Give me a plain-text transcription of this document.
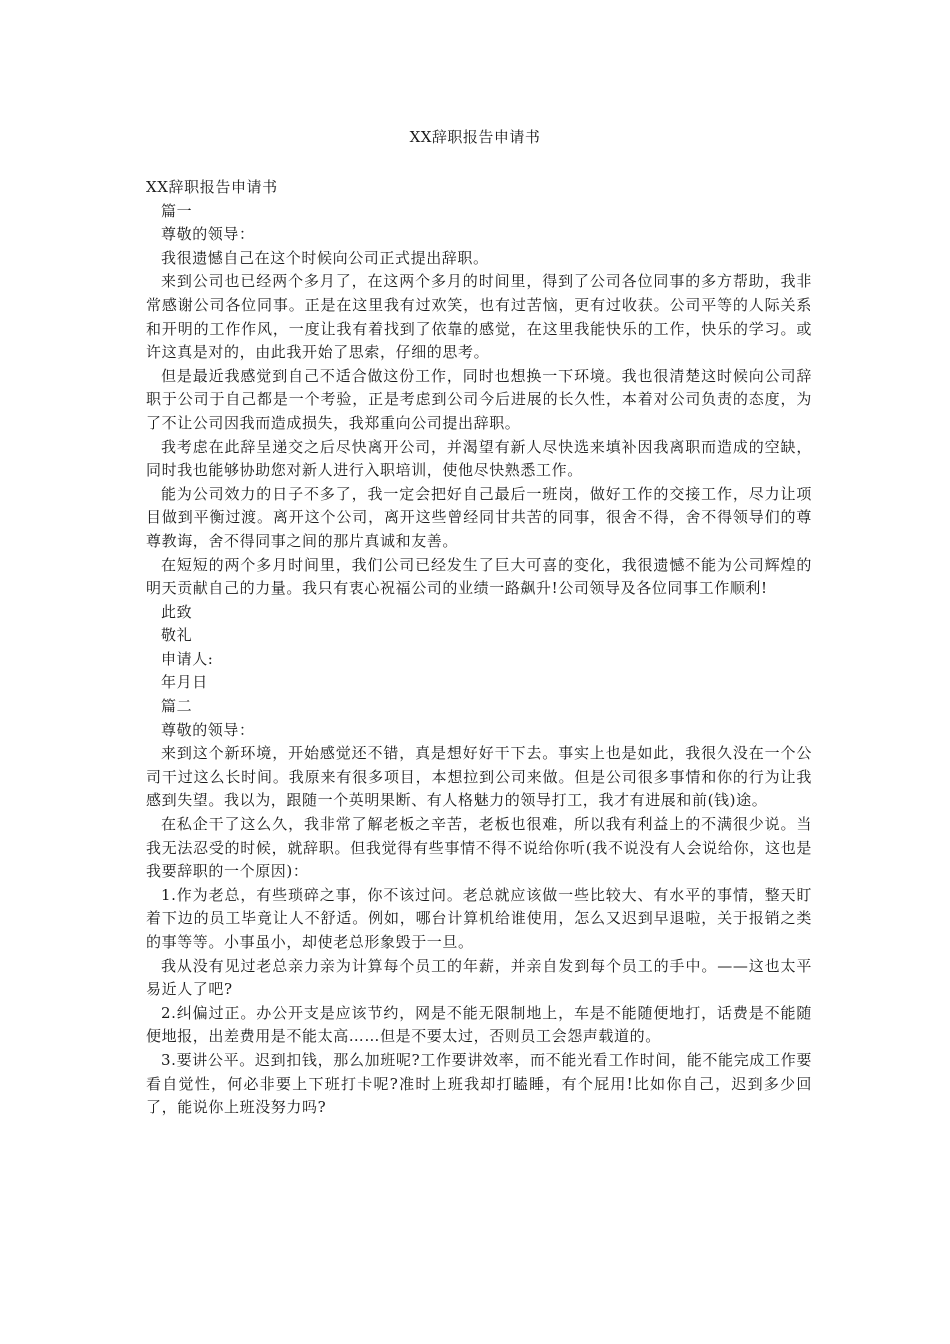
XX辞职报告申请书

XX辞职报告申请书

篇一

尊敬的领导：

我很遗憾自己在这个时候向公司正式提出辞职。

来到公司也已经两个多月了，在这两个多月的时间里，得到了公司各位同事的多方帮助，我非常感谢公司各位同事。正是在这里我有过欢笑，也有过苦恼，更有过收获。公司平等的人际关系和开明的工作作风，一度让我有着找到了依靠的感觉，在这里我能快乐的工作，快乐的学习。或许这真是对的，由此我开始了思索，仔细的思考。

但是最近我感觉到自己不适合做这份工作，同时也想换一下环境。我也很清楚这时候向公司辞职于公司于自己都是一个考验，正是考虑到公司今后进展的长久性，本着对公司负责的态度，为了不让公司因我而造成损失，我郑重向公司提出辞职。

我考虑在此辞呈递交之后尽快离开公司，并渴望有新人尽快选来填补因我离职而造成的空缺，同时我也能够协助您对新人进行入职培训，使他尽快熟悉工作。

能为公司效力的日子不多了，我一定会把好自己最后一班岗，做好工作的交接工作，尽力让项目做到平衡过渡。离开这个公司，离开这些曾经同甘共苦的同事，很舍不得，舍不得领导们的尊尊教诲，舍不得同事之间的那片真诚和友善。

在短短的两个多月时间里，我们公司已经发生了巨大可喜的变化，我很遗憾不能为公司辉煌的明天贡献自己的力量。我只有衷心祝福公司的业绩一路飙升!公司领导及各位同事工作顺利!

此致

敬礼

申请人:

年月日

篇二

尊敬的领导：

来到这个新环境，开始感觉还不错，真是想好好干下去。事实上也是如此，我很久没在一个公司干过这么长时间。我原来有很多项目，本想拉到公司来做。但是公司很多事情和你的行为让我感到失望。我以为，跟随一个英明果断、有人格魅力的领导打工，我才有进展和前(钱)途。

在私企干了这么久，我非常了解老板之辛苦，老板也很难，所以我有利益上的不满很少说。当我无法忍受的时候，就辞职。但我觉得有些事情不得不说给你听(我不说没有人会说给你，这也是我要辞职的一个原因)：

1.作为老总，有些琐碎之事，你不该过问。老总就应该做一些比较大、有水平的事情，整天盯着下边的员工毕竟让人不舒适。例如，哪台计算机给谁使用，怎么又迟到早退啦，关于报销之类的事等等。小事虽小，却使老总形象毁于一旦。

我从没有见过老总亲力亲为计算每个员工的年薪，并亲自发到每个员工的手中。——这也太平易近人了吧?

2.纠偏过正。办公开支是应该节约，网是不能无限制地上，车是不能随便地打，话费是不能随便地报，出差费用是不能太高……但是不要太过，否则员工会怨声载道的。

3.要讲公平。迟到扣钱，那么加班呢?工作要讲效率，而不能光看工作时间，能不能完成工作要看自觉性，何必非要上下班打卡呢?准时上班我却打瞌睡，有个屁用!比如你自己，迟到多少回了，能说你上班没努力吗?
